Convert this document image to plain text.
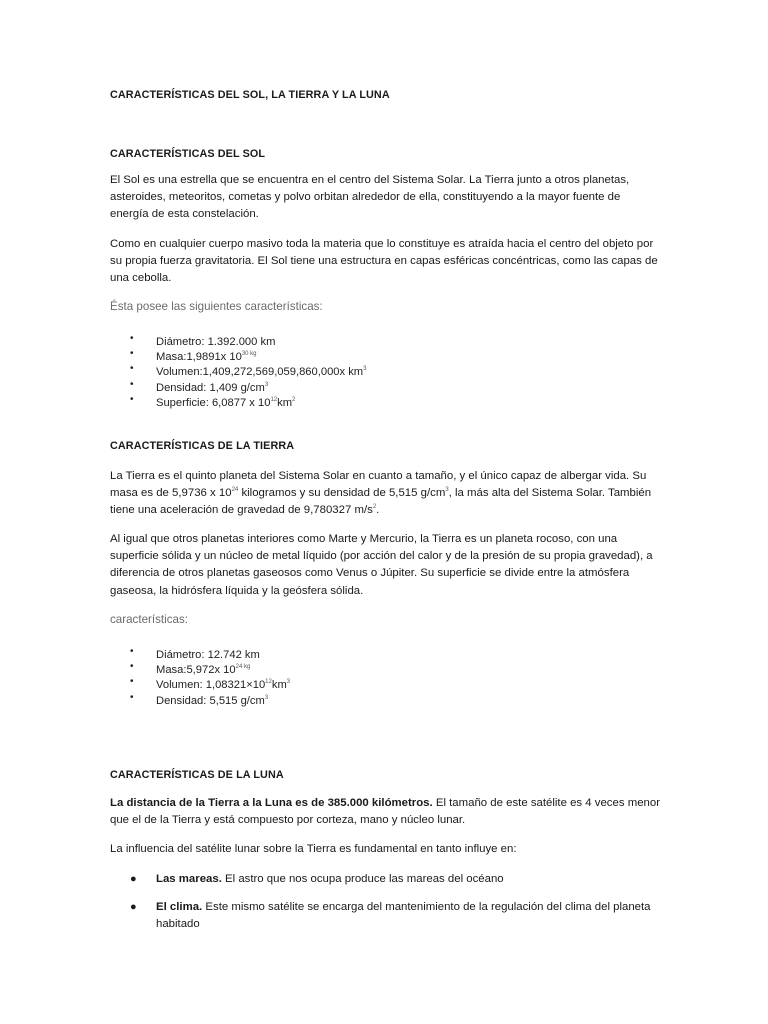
CARACTERÍSTICAS DEL SOL, LA TIERRA Y LA LUNA

CARACTERÍSTICAS DEL SOL

El Sol es una estrella que se encuentra en el centro del Sistema Solar. La Tierra junto a otros planetas, asteroides, meteoritos, cometas y polvo orbitan alrededor de ella, constituyendo a la mayor fuente de energía de esta constelación.

Como en cualquier cuerpo masivo toda la materia que lo constituye es atraída hacia el centro del objeto por su propia fuerza gravitatoria. El Sol tiene una estructura en capas esféricas concéntricas, como las capas de una cebolla.

Ésta posee las siguientes características:

• Diámetro: 1.392.000 km
• Masa:1,9891x $10^{30 kg}$
• Volumen:1,409,272,569,059,860,000x $km^3$
• Densidad: 1,409 $g/cm^3$
• Superficie: 6,0877 x $10^{12}km^2$

CARACTERÍSTICAS DE LA TIERRA

La Tierra es el quinto planeta del Sistema Solar en cuanto a tamaño, y el único capaz de albergar vida. Su masa es de 5,9736 x $10^{24}$ kilogramos y su densidad de 5,515 $g/cm^3$, la más alta del Sistema Solar. También tiene una aceleración de gravedad de 9,780327 $m/s^2$.

Al igual que otros planetas interiores como Marte y Mercurio, la Tierra es un planeta rocoso, con una superficie sólida y un núcleo de metal líquido (por acción del calor y de la presión de su propia gravedad), a diferencia de otros planetas gaseosos como Venus o Júpiter. Su superficie se divide entre la atmósfera gaseosa, la hidrósfera líquida y la geósfera sólida.

características:

• Diámetro: 12.742 km
• Masa:5,972x $10^{24 kg}$
• Volumen: $1,08321\times 10^{12}km^3$
• Densidad: 5,515 $g/cm^3$

CARACTERÍSTICAS DE LA LUNA

La distancia de la Tierra a la Luna es de 385.000 kilómetros. El tamaño de este satélite es 4 veces menor que el de la Tierra y está compuesto por corteza, mano y núcleo lunar.

La influencia del satélite lunar sobre la Tierra es fundamental en tanto influye en:

● Las mareas. El astro que nos ocupa produce las mareas del océano
● El clima. Este mismo satélite se encarga del mantenimiento de la regulación del clima del planeta habitado
